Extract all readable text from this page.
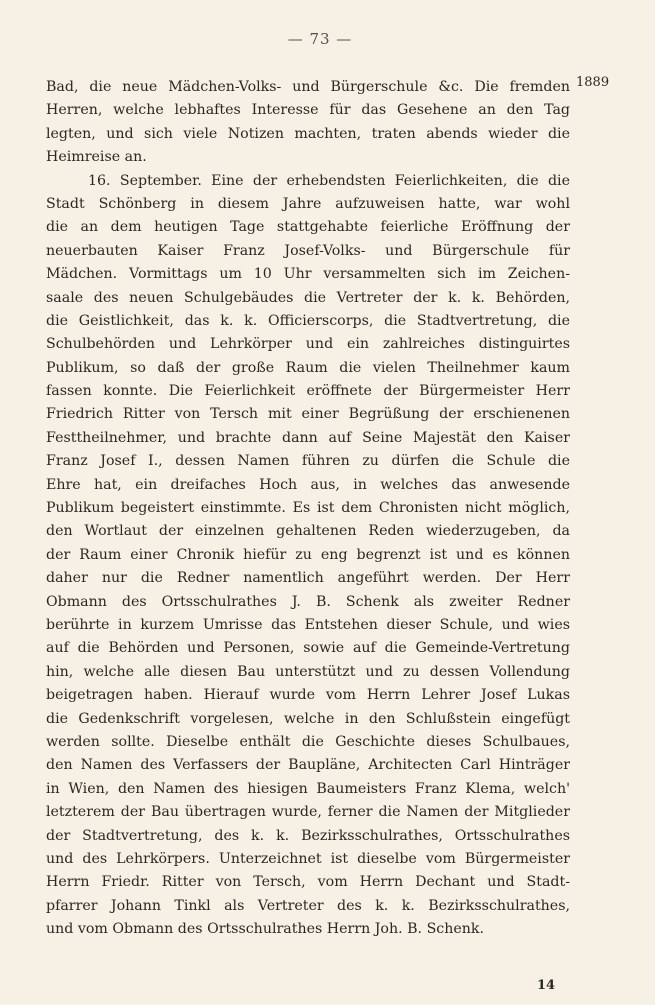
— 73 —
1889
Bad, die neue Mädchen-Volks- und Bürgerschule &c. Die fremden
Herren, welche lebhaftes Interesse für das Gesehene an den Tag
legten, und sich viele Notizen machten, traten abends wieder die
Heimreise an.
16. September. Eine der erhebendsten Feierlichkeiten, die die
Stadt Schönberg in diesem Jahre aufzuweisen hatte, war wohl
die an dem heutigen Tage stattgehabte feierliche Eröffnung der
neuerbauten Kaiser Franz Josef-Volks- und Bürgerschule für
Mädchen. Vormittags um 10 Uhr versammelten sich im Zeichen-
saale des neuen Schulgebäudes die Vertreter der k. k. Behörden,
die Geistlichkeit, das k. k. Officierscorps, die Stadtvertretung, die
Schulbehörden und Lehrkörper und ein zahlreiches distinguirtes
Publikum, so daß der große Raum die vielen Theilnehmer kaum
fassen konnte. Die Feierlichkeit eröffnete der Bürgermeister Herr
Friedrich Ritter von Tersch mit einer Begrüßung der erschienenen
Festtheilnehmer, und brachte dann auf Seine Majestät den Kaiser
Franz Josef I., dessen Namen führen zu dürfen die Schule die
Ehre hat, ein dreifaches Hoch aus, in welches das anwesende
Publikum begeistert einstimmte. Es ist dem Chronisten nicht möglich,
den Wortlaut der einzelnen gehaltenen Reden wiederzugeben, da
der Raum einer Chronik hiefür zu eng begrenzt ist und es können
daher nur die Redner namentlich angeführt werden. Der Herr
Obmann des Ortsschulrathes J. B. Schenk als zweiter Redner
berührte in kurzem Umrisse das Entstehen dieser Schule, und wies
auf die Behörden und Personen, sowie auf die Gemeinde-Vertretung
hin, welche alle diesen Bau unterstützt und zu dessen Vollendung
beigetragen haben. Hierauf wurde vom Herrn Lehrer Josef Lukas
die Gedenkschrift vorgelesen, welche in den Schlußstein eingefügt
werden sollte. Dieselbe enthält die Geschichte dieses Schulbaues,
den Namen des Verfassers der Baupläne, Architecten Carl Hinträger
in Wien, den Namen des hiesigen Baumeisters Franz Klema, welch'
letzterem der Bau übertragen wurde, ferner die Namen der Mitglieder
der Stadtvertretung, des k. k. Bezirksschulrathes, Ortsschulrathes
und des Lehrkörpers. Unterzeichnet ist dieselbe vom Bürgermeister
Herrn Friedr. Ritter von Tersch, vom Herrn Dechant und Stadt-
pfarrer Johann Tinkl als Vertreter des k. k. Bezirksschulrathes,
und vom Obmann des Ortsschulrathes Herrn Joh. B. Schenk.
14
